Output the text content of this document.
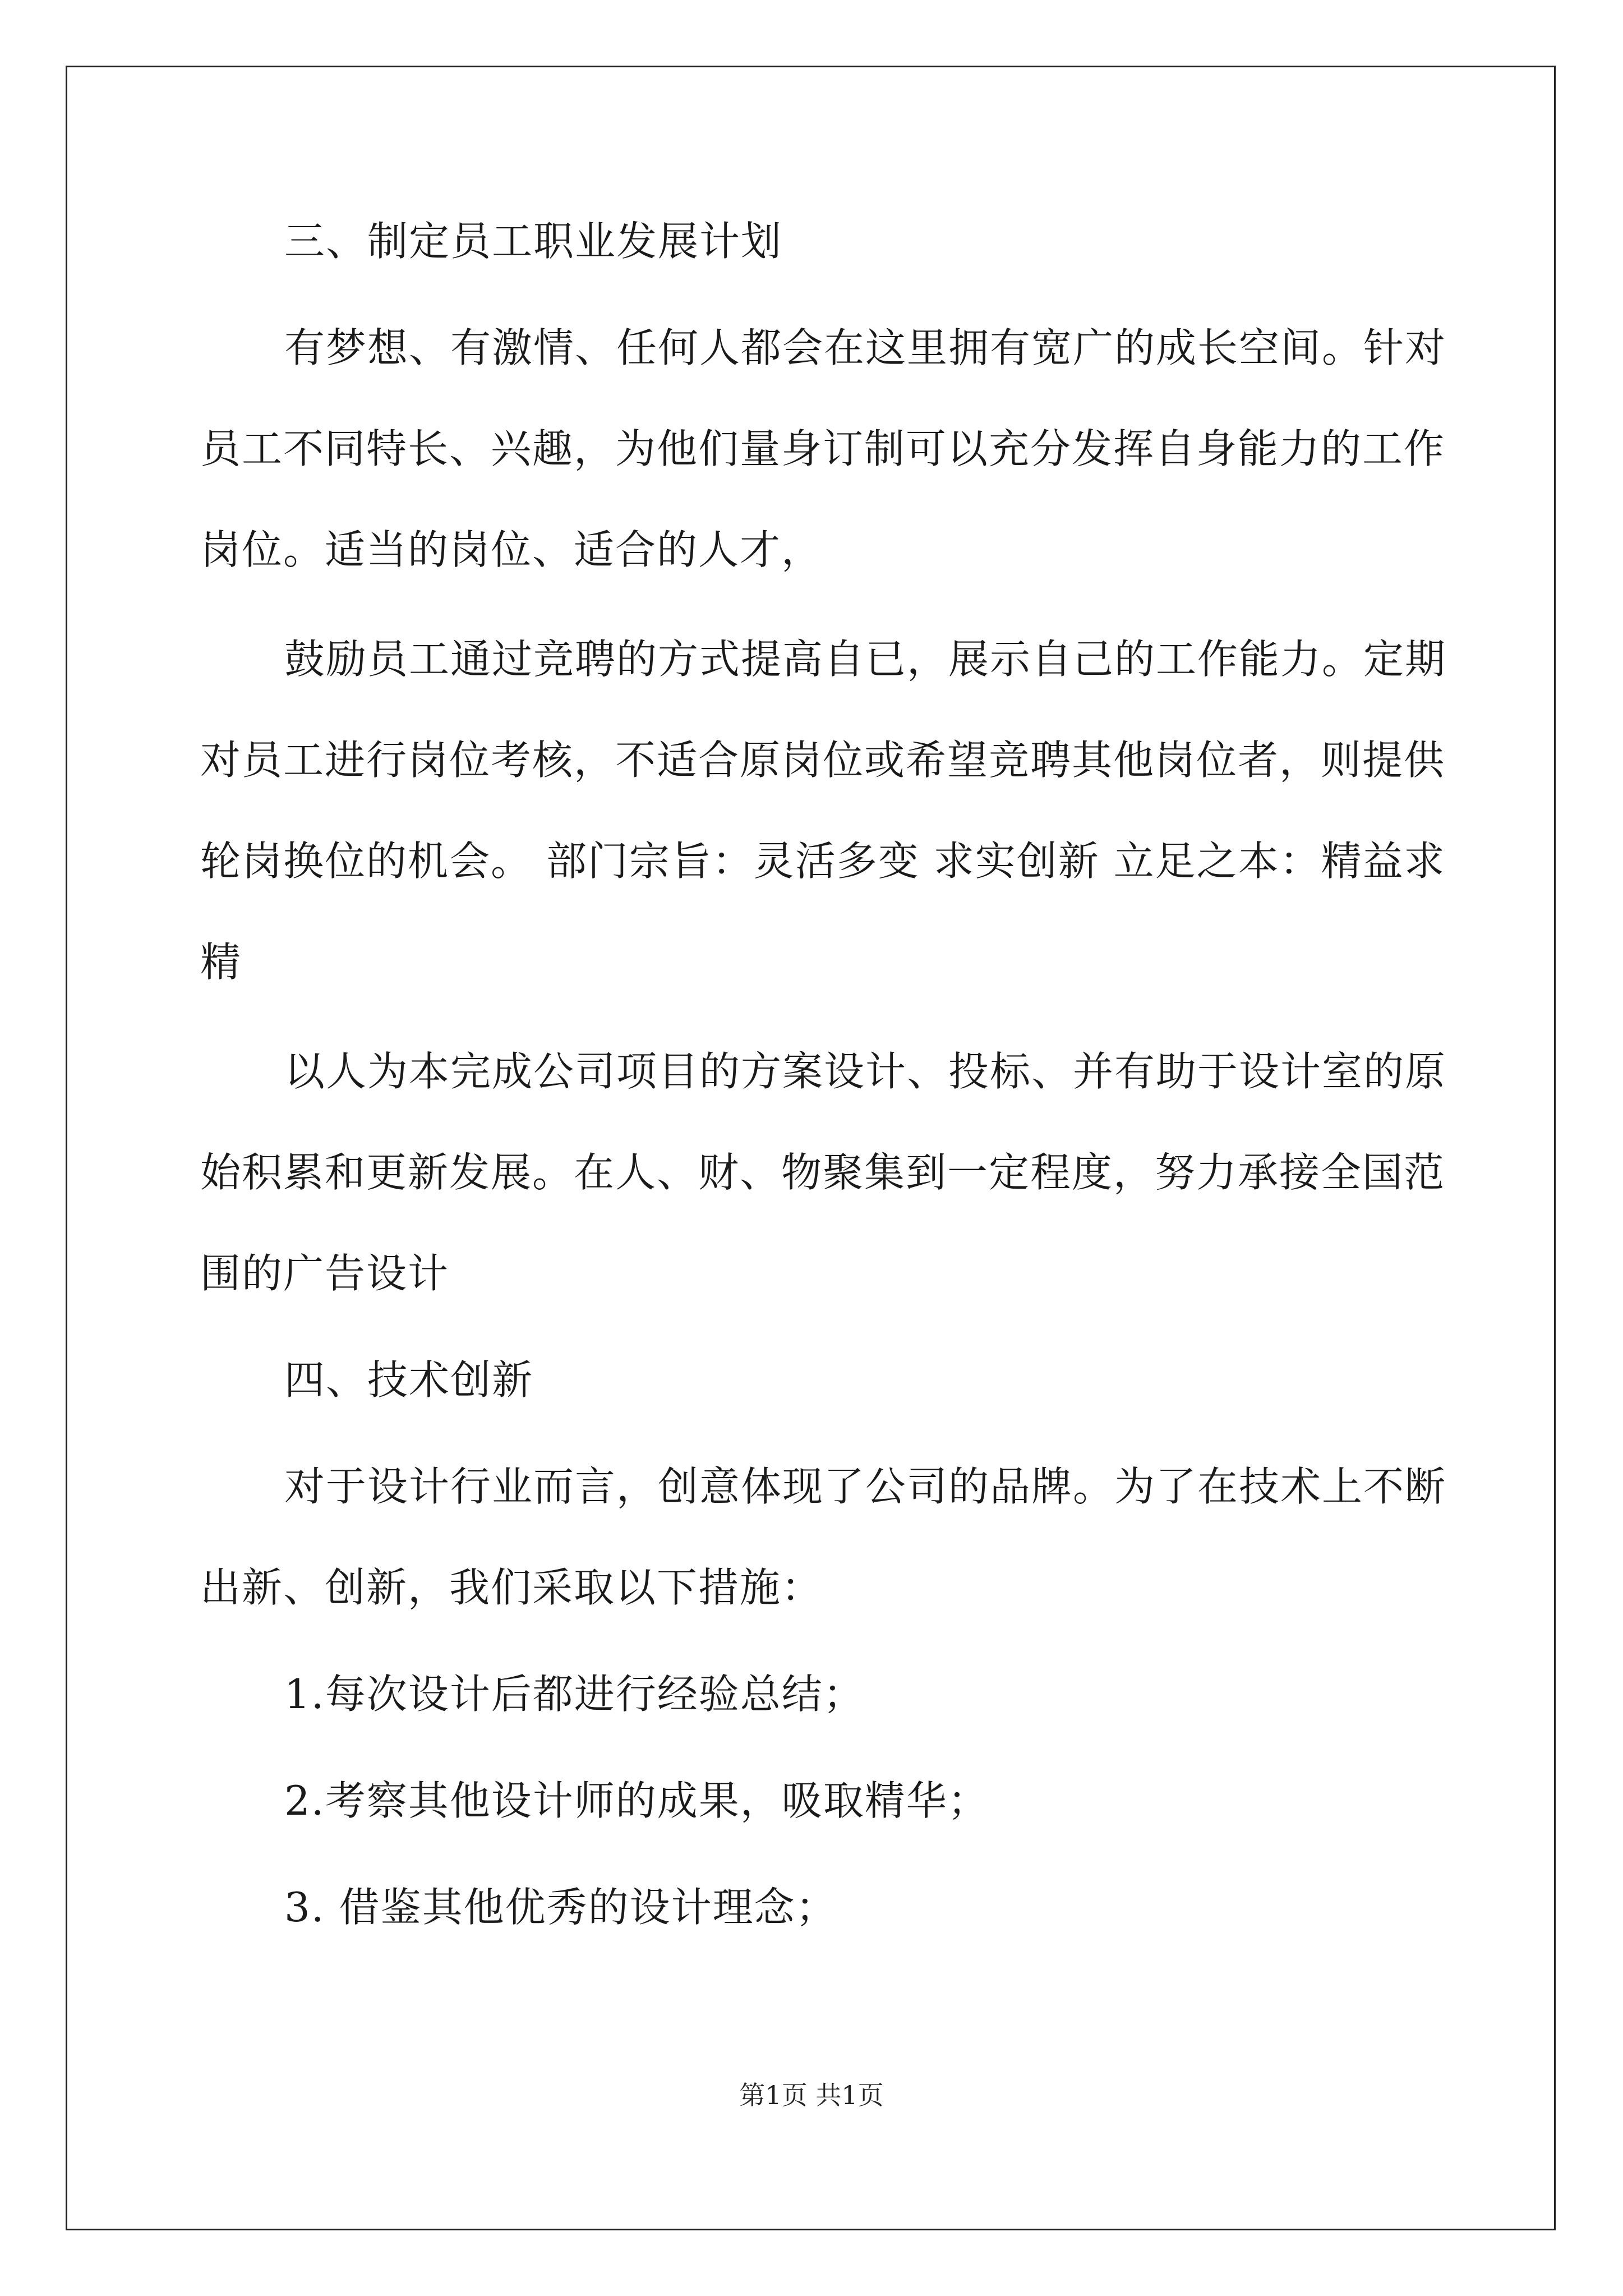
三、制定员工职业发展计划
有梦想、有激情、任何人都会在这里拥有宽广的成长空间。针对
员工不同特长、兴趣，为他们量身订制可以充分发挥自身能力的工作
岗位。适当的岗位、适合的人才，
鼓励员工通过竞聘的方式提高自已，展示自己的工作能力。定期
对员工进行岗位考核，不适合原岗位或希望竞聘其他岗位者，则提供
轮岗换位的机会。 部门宗旨：灵活多变 求实创新 立足之本：精益求
精
以人为本完成公司项目的方案设计、投标、并有助于设计室的原
始积累和更新发展。在人、财、物聚集到一定程度，努力承接全国范
围的广告设计
四、技术创新
对于设计行业而言，创意体现了公司的品牌。为了在技术上不断
出新、创新，我们采取以下措施：
1.每次设计后都进行经验总结；
2.考察其他设计师的成果，吸取精华；
3. 借鉴其他优秀的设计理念；
第1页 共1页
